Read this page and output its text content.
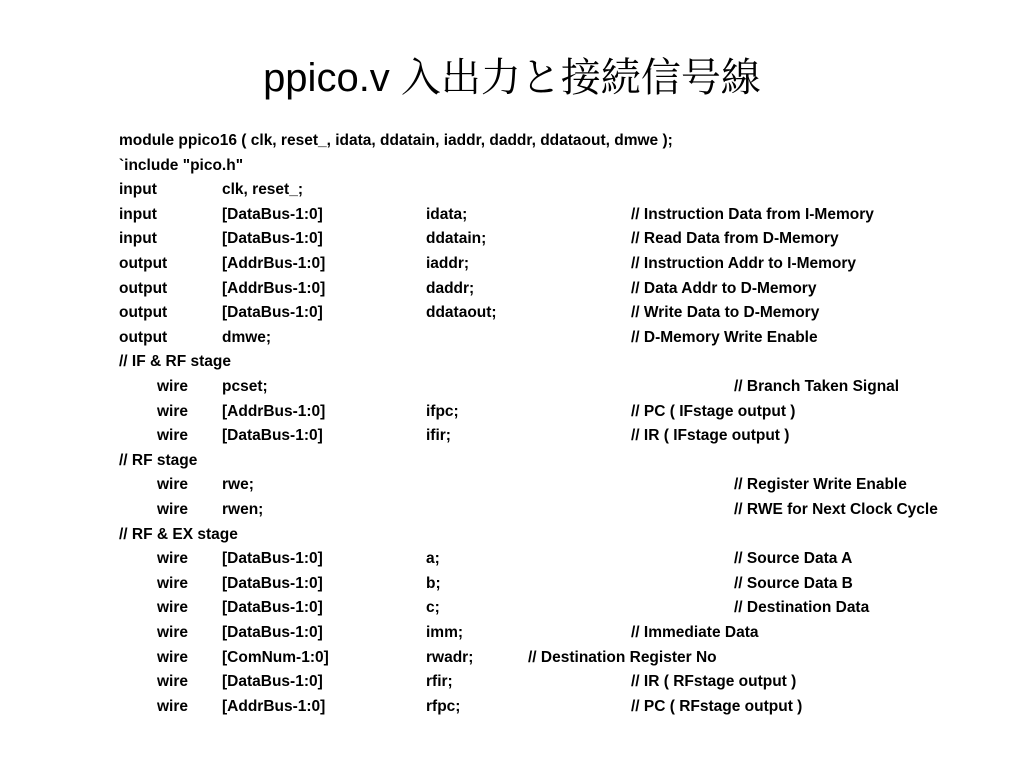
ppico.v 入出力と接続信号線
module ppico16 ( clk, reset_, idata, ddatain, iaddr, daddr, ddataout, dmwe );
`include "pico.h"
input	clk, reset_;
input	[DataBus-1:0]	idata;	// Instruction Data from I-Memory
input	[DataBus-1:0]	ddatain;	// Read Data from D-Memory
output	[AddrBus-1:0]	iaddr;	// Instruction Addr to I-Memory
output	[AddrBus-1:0]	daddr;	// Data Addr to D-Memory
output	[DataBus-1:0]	ddataout;	// Write Data to D-Memory
output	dmwe;	// D-Memory Write Enable
// IF & RF stage
wire pcset;	// Branch Taken Signal
wire [AddrBus-1:0]	ifpc;	// PC ( IFstage output )
wire [DataBus-1:0]	ifir;	// IR ( IFstage output )
// RF stage
wire rwe;	// Register Write Enable
wire rwen;	// RWE for Next Clock Cycle
// RF & EX stage
wire [DataBus-1:0]	a;	// Source Data A
wire [DataBus-1:0]	b;	// Source Data B
wire [DataBus-1:0]	c;	// Destination Data
wire [DataBus-1:0]	imm;	// Immediate Data
wire [ComNum-1:0]	rwadr;	// Destination Register No
wire [DataBus-1:0]	rfir;	// IR ( RFstage output )
wire [AddrBus-1:0]	rfpc;	// PC ( RFstage output )
